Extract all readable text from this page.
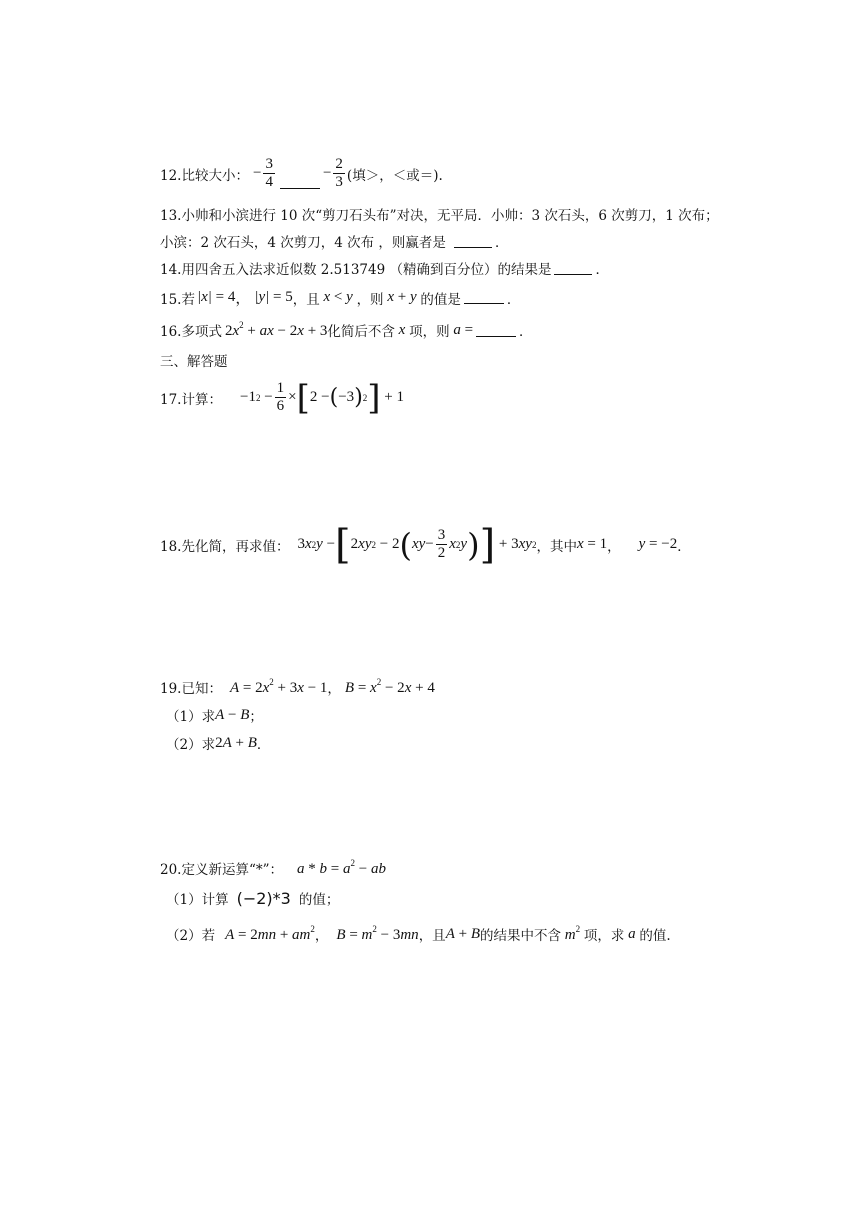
12.比较大小： − $\frac{3}{4}$	− $\frac{2}{3}$ (填＞，＜或＝).
13.小帅和小滨进行 10 次“剪刀石头布”对决，无平局．小帅：3 次石头，6 次剪刀，1 次布；
小滨：2 次石头，4 次剪刀，4 次布 ，则赢者是	．
14.用四舍五入法求近似数 2.513749 （精确到百分位）的结果是	．
15.若 |x| = 4 ， |y| = 5 ，且 x < y ，则 x + y 的值是	．
16.多项式 $2x^2$ + ax − 2x + 3 化简后不含 x 项，则 a =	．
三、解答题
17.计算： −1 $2 - \frac{1}{6}$ × [ 2 − ( −3 ) 2 ] + 1
18.先化简，再求值： 3 x 2 y − [ 2 xy 2 − 2 ( xy − $\frac{3}{2}$ x 2 y ) ] + 3 xy 2 ，其中 x = 1 ， y = −2 ．
19.已知： $A = 2x^2 + 3x - 1$ ， $B = x^2 - 2x + 4$
（1）求 A − B ；
（2）求 2A + B ．
20.定义新运算“*”： $a * b = a^2$ − ab
（1）计算 (−2)*3 的值；
（2）若 $A = 2mn + am^2$ ， $B = m^2 - 3mn$ ，且 A + B 的结果中不含 $m^2$ 项，求 a 的值.
